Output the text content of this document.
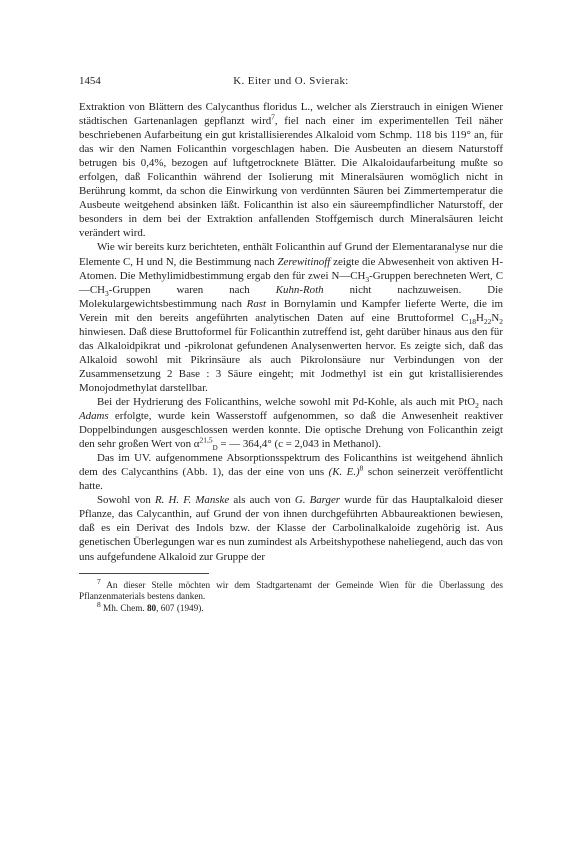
1454	K. Eiter und O. Svierak:

Extraktion von Blättern des Calycanthus floridus L., welcher als Zierstrauch in einigen Wiener städtischen Gartenanlagen gepflanzt wird$^7$, fiel nach einer im experimentellen Teil näher beschriebenen Aufarbeitung ein gut kristallisierendes Alkaloid vom Schmp. 118 bis 119° an, für das wir den Namen Folicanthin vorgeschlagen haben. Die Ausbeuten an diesem Naturstoff betrugen bis 0,4%, bezogen auf luftgetrocknete Blätter. Die Alkaloidaufarbeitung mußte so erfolgen, daß Folicanthin während der Isolierung mit Mineralsäuren womöglich nicht in Berührung kommt, da schon die Einwirkung von verdünnten Säuren bei Zimmertemperatur die Ausbeute weitgehend absinken läßt. Folicanthin ist also ein säureempfindlicher Naturstoff, der besonders in dem bei der Extraktion anfallenden Stoffgemisch durch Mineralsäuren leicht verändert wird.

Wie wir bereits kurz berichteten, enthält Folicanthin auf Grund der Elementaranalyse nur die Elemente C, H und N, die Bestimmung nach Zerewitinoff zeigte die Abwesenheit von aktiven H-Atomen. Die Methylimidbestimmung ergab den für zwei $N—CH_3$-Gruppen berechneten Wert, $C—CH_3$-Gruppen waren nach Kuhn-Roth nicht nachzuweisen. Die Molekulargewichtsbestimmung nach Rast in Bornylamin und Kampfer lieferte Werte, die im Verein mit den bereits angeführten analytischen Daten auf eine Bruttoformel $C_{18}H_{22}N_2$ hinwiesen. Daß diese Bruttoformel für Folicanthin zutreffend ist, geht darüber hinaus aus den für das Alkaloidpikrat und -pikrolonat gefundenen Analysenwerten hervor. Es zeigte sich, daß das Alkaloid sowohl mit Pikrinsäure als auch Pikrolonsäure nur Verbindungen von der Zusammensetzung 2 Base : 3 Säure eingeht; mit Jodmethyl ist ein gut kristallisierendes Monojodmethylat darstellbar.

Bei der Hydrierung des Folicanthins, welche sowohl mit Pd-Kohle, als auch mit PtO$_2$ nach Adams erfolgte, wurde kein Wasserstoff aufgenommen, so daß die Anwesenheit reaktiver Doppelbindungen ausgeschlossen werden konnte. Die optische Drehung von Folicanthin zeigt den sehr großen Wert von $\alpha^{21,5}_D$ = — 364,4° (c = 2,043 in Methanol).

Das im UV. aufgenommene Absorptionsspektrum des Folicanthins ist weitgehend ähnlich dem des Calycanthins (Abb. 1), das der eine von uns (K. E.)$^8$ schon seinerzeit veröffentlicht hatte.

Sowohl von R. H. F. Manske als auch von G. Barger wurde für das Hauptalkaloid dieser Pflanze, das Calycanthin, auf Grund der von ihnen durchgeführten Abbaureaktionen bewiesen, daß es ein Derivat des Indols bzw. der Klasse der Carbolinalkaloide zugehörig ist. Aus genetischen Überlegungen war es nun zumindest als Arbeitshypothese naheliegend, auch das von uns aufgefundene Alkaloid zur Gruppe der

$^7$ An dieser Stelle möchten wir dem Stadtgartenamt der Gemeinde Wien für die Überlassung des Pflanzenmaterials bestens danken.

$^8$ Mh. Chem. 80, 607 (1949).
